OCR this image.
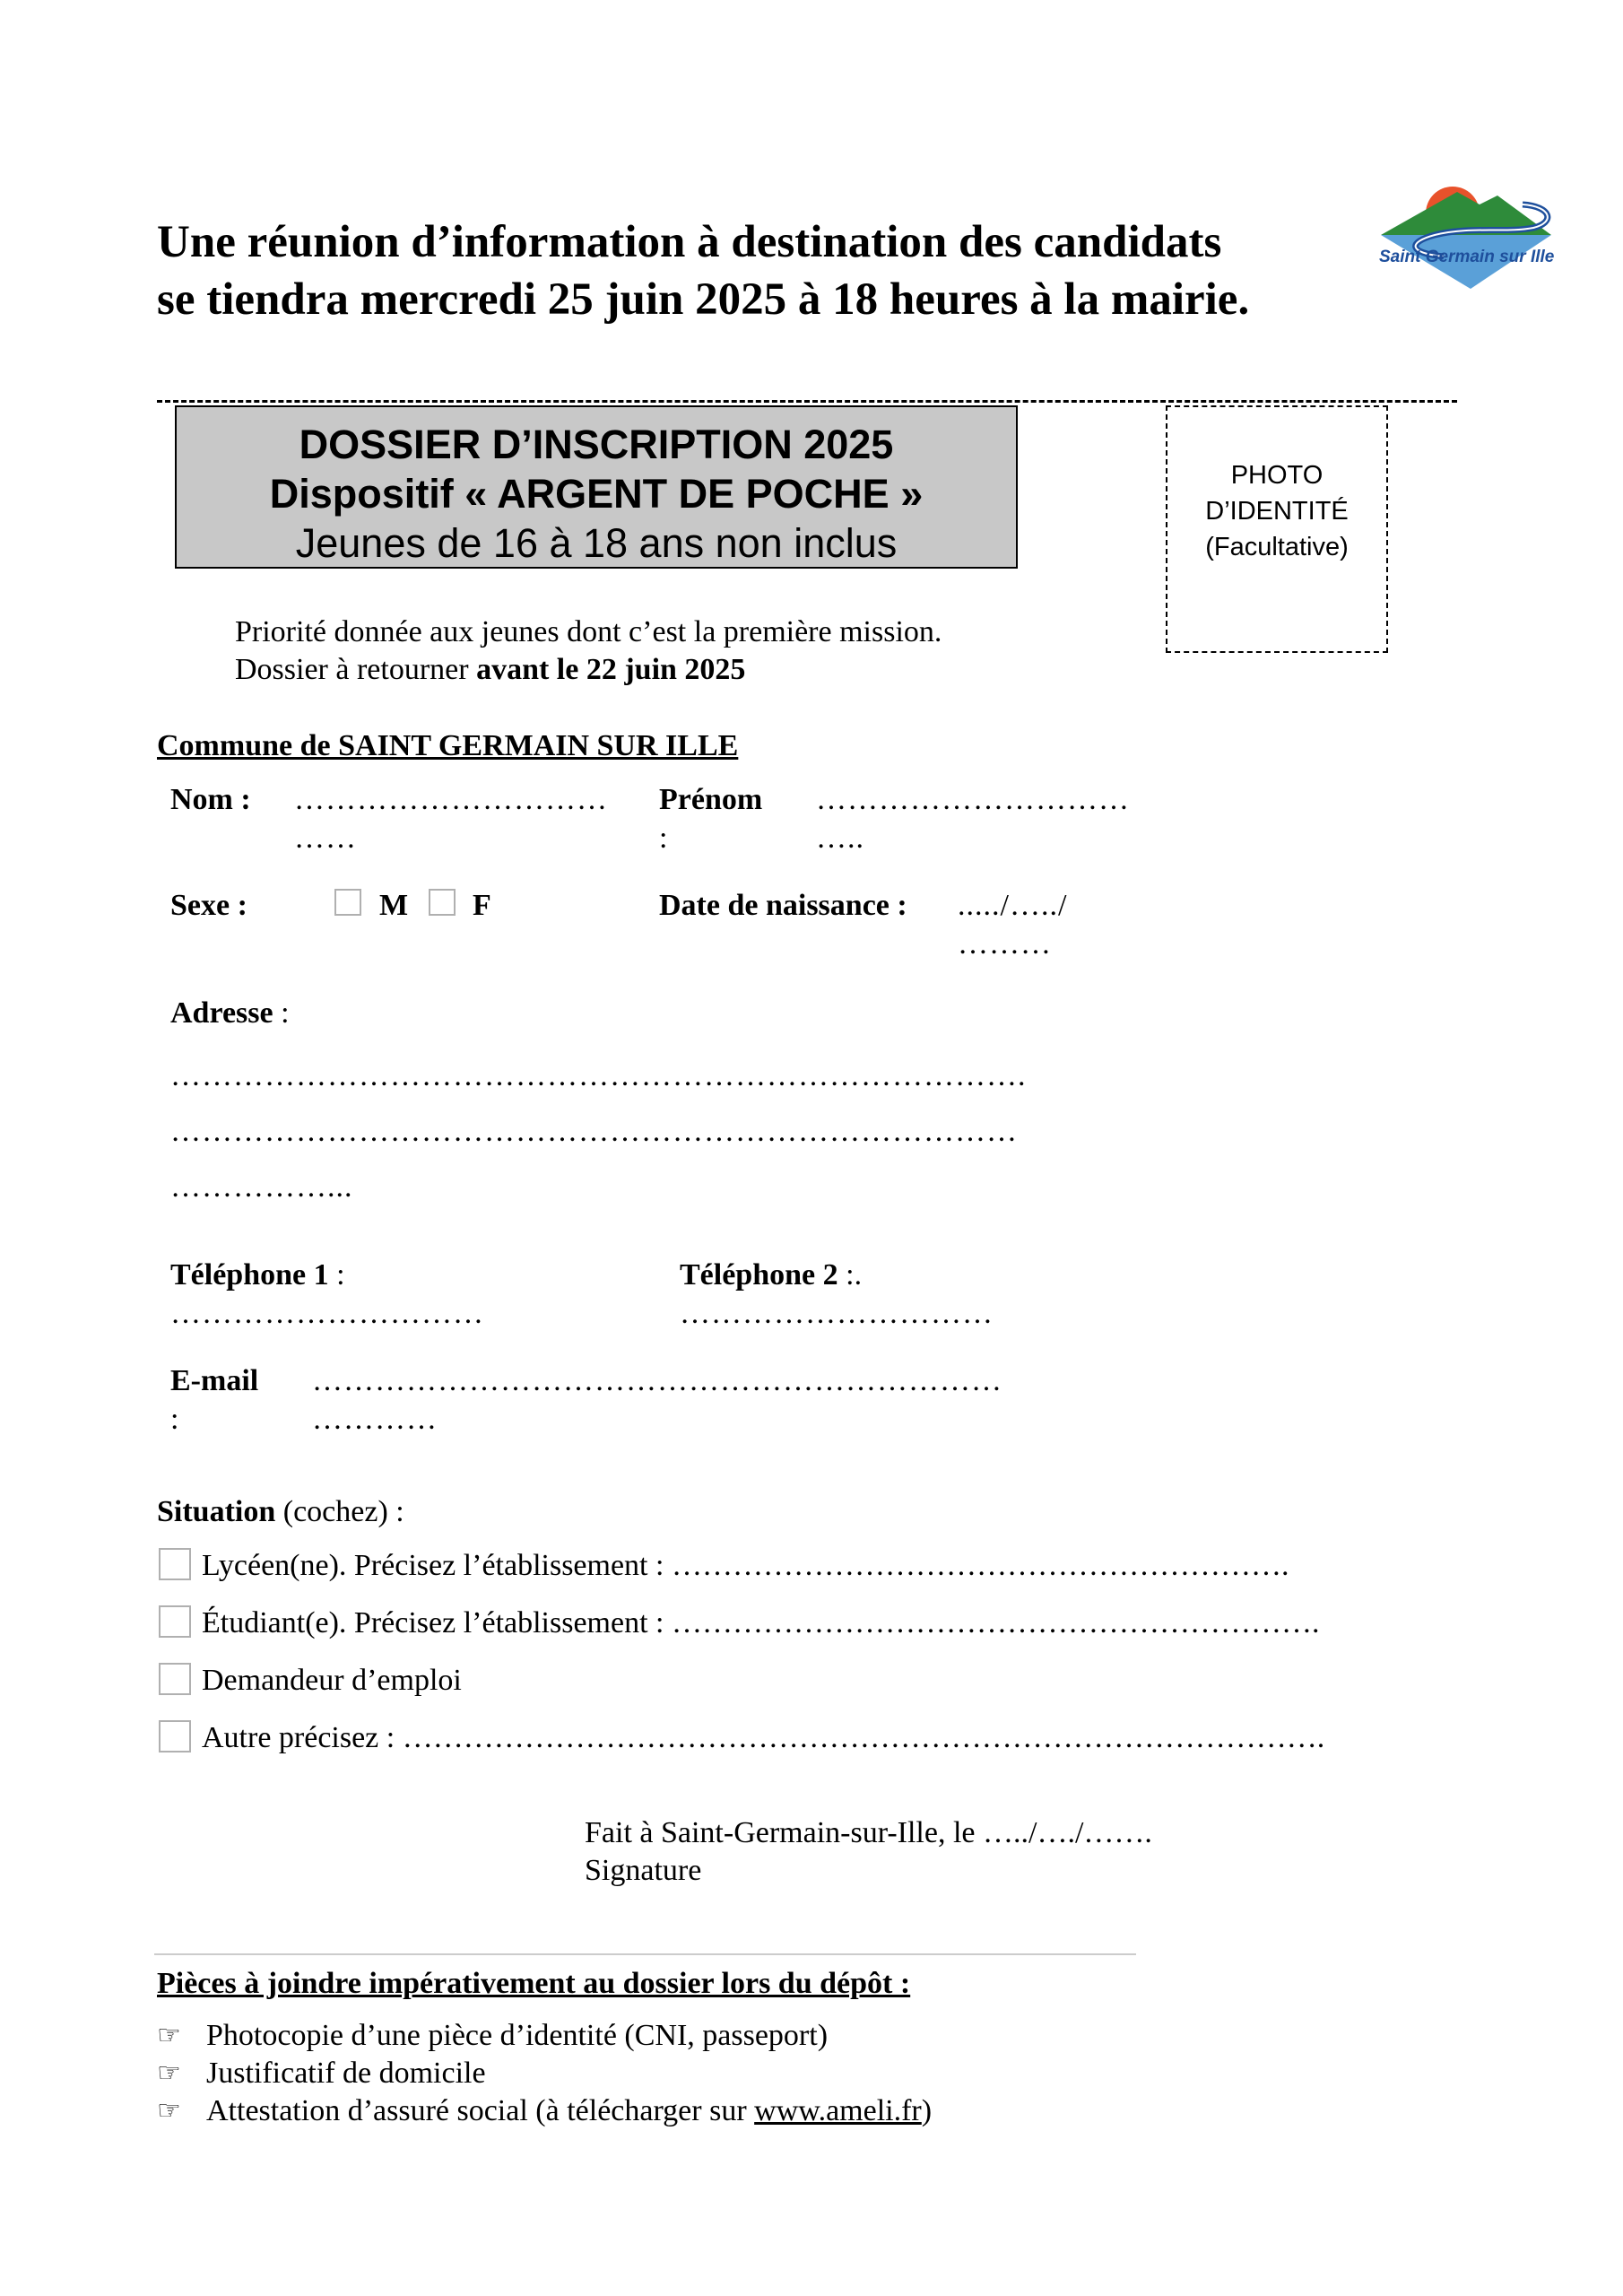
Une réunion d’information à destination des candidats
se tiendra mercredi 25 juin 2025 à 18 heures à la mairie.
Saint Germain sur Ille
DOSSIER D’INSCRIPTION 2025
Dispositif « ARGENT DE POCHE »
Jeunes de 16 à 18 ans non inclus
PHOTO
D’IDENTITÉ
(Facultative)
Priorité donnée aux jeunes dont c’est la première mission.
Dossier à retourner avant le 22 juin 2025
Commune de SAINT GERMAIN SUR ILLE
Nom : …………………………
……
Prénom
:
…………………………
…..
Sexe :	M F	Date de naissance : ...../…../
………
Adresse :
……………………………………………………………………….
………………………………………………………………………
……………...
Téléphone 1 :
…………………………
Téléphone 2 :.
…………………………
E-mail
:
…………………………………………………………
…………
Situation (cochez) :
Lycéen(ne). Précisez l’établissement : …………………………………………………….
Étudiant(e). Précisez l’établissement : ……………………………………………………….
Demandeur d’emploi
Autre précisez : ……………………………………………………………………………….
Fait à Saint-Germain-sur-Ille, le …../…./…….
Signature
Pièces à joindre impérativement au dossier lors du dépôt :
☞ Photocopie d’une pièce d’identité (CNI, passeport)
☞ Justificatif de domicile
☞ Attestation d’assuré social (à télécharger sur www.ameli.fr)
